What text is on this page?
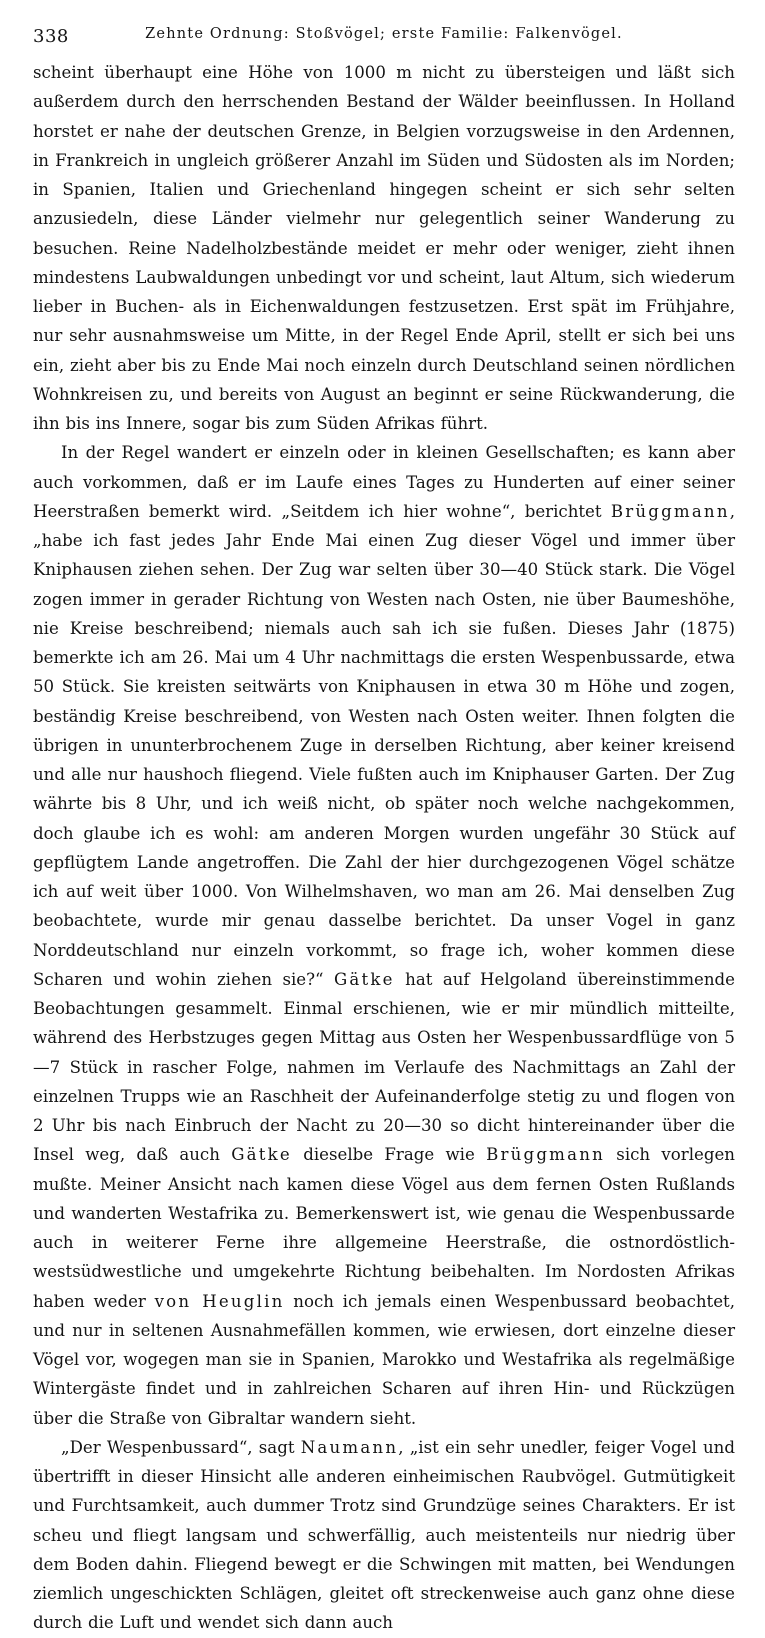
338	Zehnte Ordnung: Stoßvögel; erste Familie: Falkenvögel.

scheint überhaupt eine Höhe von 1000 m nicht zu übersteigen und läßt sich außerdem durch den herrschenden Bestand der Wälder beeinflussen. In Holland horstet er nahe der deutschen Grenze, in Belgien vorzugsweise in den Ardennen, in Frankreich in ungleich größerer Anzahl im Süden und Südosten als im Norden; in Spanien, Italien und Griechenland hingegen scheint er sich sehr selten anzusiedeln, diese Länder vielmehr nur gelegentlich seiner Wanderung zu besuchen. Reine Nadelholzbestände meidet er mehr oder weniger, zieht ihnen mindestens Laubwaldungen unbedingt vor und scheint, laut Altum, sich wiederum lieber in Buchen- als in Eichenwaldungen festzusetzen. Erst spät im Frühjahre, nur sehr ausnahmsweise um Mitte, in der Regel Ende April, stellt er sich bei uns ein, zieht aber bis zu Ende Mai noch einzeln durch Deutschland seinen nördlichen Wohnkreisen zu, und bereits von August an beginnt er seine Rückwanderung, die ihn bis ins Innere, sogar bis zum Süden Afrikas führt.

In der Regel wandert er einzeln oder in kleinen Gesellschaften; es kann aber auch vorkommen, daß er im Laufe eines Tages zu Hunderten auf einer seiner Heerstraßen bemerkt wird. „Seitdem ich hier wohne“, berichtet Brüggmann, „habe ich fast jedes Jahr Ende Mai einen Zug dieser Vögel und immer über Kniphausen ziehen sehen. Der Zug war selten über 30—40 Stück stark. Die Vögel zogen immer in gerader Richtung von Westen nach Osten, nie über Baumeshöhe, nie Kreise beschreibend; niemals auch sah ich sie fußen. Dieses Jahr (1875) bemerkte ich am 26. Mai um 4 Uhr nachmittags die ersten Wespenbussarde, etwa 50 Stück. Sie kreisten seitwärts von Kniphausen in etwa 30 m Höhe und zogen, beständig Kreise beschreibend, von Westen nach Osten weiter. Ihnen folgten die übrigen in ununterbrochenem Zuge in derselben Richtung, aber keiner kreisend und alle nur haushoch fliegend. Viele fußten auch im Kniphauser Garten. Der Zug währte bis 8 Uhr, und ich weiß nicht, ob später noch welche nachgekommen, doch glaube ich es wohl: am anderen Morgen wurden ungefähr 30 Stück auf gepflügtem Lande angetroffen. Die Zahl der hier durchgezogenen Vögel schätze ich auf weit über 1000. Von Wilhelmshaven, wo man am 26. Mai denselben Zug beobachtete, wurde mir genau dasselbe berichtet. Da unser Vogel in ganz Norddeutschland nur einzeln vorkommt, so frage ich, woher kommen diese Scharen und wohin ziehen sie?“ Gätke hat auf Helgoland übereinstimmende Beobachtungen gesammelt. Einmal erschienen, wie er mir mündlich mitteilte, während des Herbstzuges gegen Mittag aus Osten her Wespenbussardflüge von 5—7 Stück in rascher Folge, nahmen im Verlaufe des Nachmittags an Zahl der einzelnen Trupps wie an Raschheit der Aufeinanderfolge stetig zu und flogen von 2 Uhr bis nach Einbruch der Nacht zu 20—30 so dicht hintereinander über die Insel weg, daß auch Gätke dieselbe Frage wie Brüggmann sich vorlegen mußte. Meiner Ansicht nach kamen diese Vögel aus dem fernen Osten Rußlands und wanderten Westafrika zu. Bemerkenswert ist, wie genau die Wespenbussarde auch in weiterer Ferne ihre allgemeine Heerstraße, die ostnordöstlich-westsüdwestliche und umgekehrte Richtung beibehalten. Im Nordosten Afrikas haben weder von Heuglin noch ich jemals einen Wespenbussard beobachtet, und nur in seltenen Ausnahmefällen kommen, wie erwiesen, dort einzelne dieser Vögel vor, wogegen man sie in Spanien, Marokko und Westafrika als regelmäßige Wintergäste findet und in zahlreichen Scharen auf ihren Hin- und Rückzügen über die Straße von Gibraltar wandern sieht.

„Der Wespenbussard“, sagt Naumann, „ist ein sehr unedler, feiger Vogel und übertrifft in dieser Hinsicht alle anderen einheimischen Raubvögel. Gutmütigkeit und Furchtsamkeit, auch dummer Trotz sind Grundzüge seines Charakters. Er ist scheu und fliegt langsam und schwerfällig, auch meistenteils nur niedrig über dem Boden dahin. Fliegend bewegt er die Schwingen mit matten, bei Wendungen ziemlich ungeschickten Schlägen, gleitet oft streckenweise auch ganz ohne diese durch die Luft und wendet sich dann auch
